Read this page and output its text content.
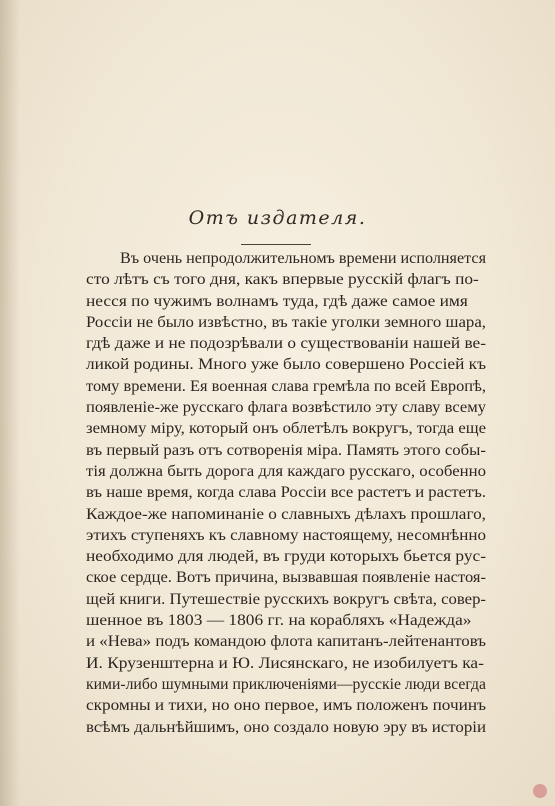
Отъ издателя.
Въ очень непродолжительномъ времени исполняется
сто лѣтъ съ того дня, какъ впервые русскій флагъ по-
несся по чужимъ волнамъ туда, гдѣ даже самое имя
Россіи не было извѣстно, въ такіе уголки земного шара,
гдѣ даже и не подозрѣвали о существованіи нашей ве-
ликой родины. Много уже было совершено Россіей къ
тому времени. Ея военная слава гремѣла по всей Европѣ,
появленіе-же русскаго флага возвѣстило эту славу всему
земному міру, который онъ облетѣлъ вокругъ, тогда еще
въ первый разъ отъ сотворенія міра. Память этого собы-
тія должна быть дорога для каждаго русскаго, особенно
въ наше время, когда слава Россіи все растетъ и растетъ.
Каждое-же напоминаніе о славныхъ дѣлахъ прошлаго,
этихъ ступеняхъ къ славному настоящему, несомнѣнно
необходимо для людей, въ груди которыхъ бьется рус-
ское сердце. Вотъ причина, вызвавшая появленіе настоя-
щей книги. Путешествіе русскихъ вокругъ свѣта, совер-
шенное въ 1803 — 1806 гг. на корабляхъ «Надежда»
и «Нева» подъ командою флота капитанъ-лейтенантовъ
И. Крузенштерна и Ю. Лисянскаго, не изобилуетъ ка-
кими-либо шумными приключеніями—русскіе люди всегда
скромны и тихи, но оно первое, имъ положенъ починъ
всѣмъ дальнѣйшимъ, оно создало новую эру въ исторіи
